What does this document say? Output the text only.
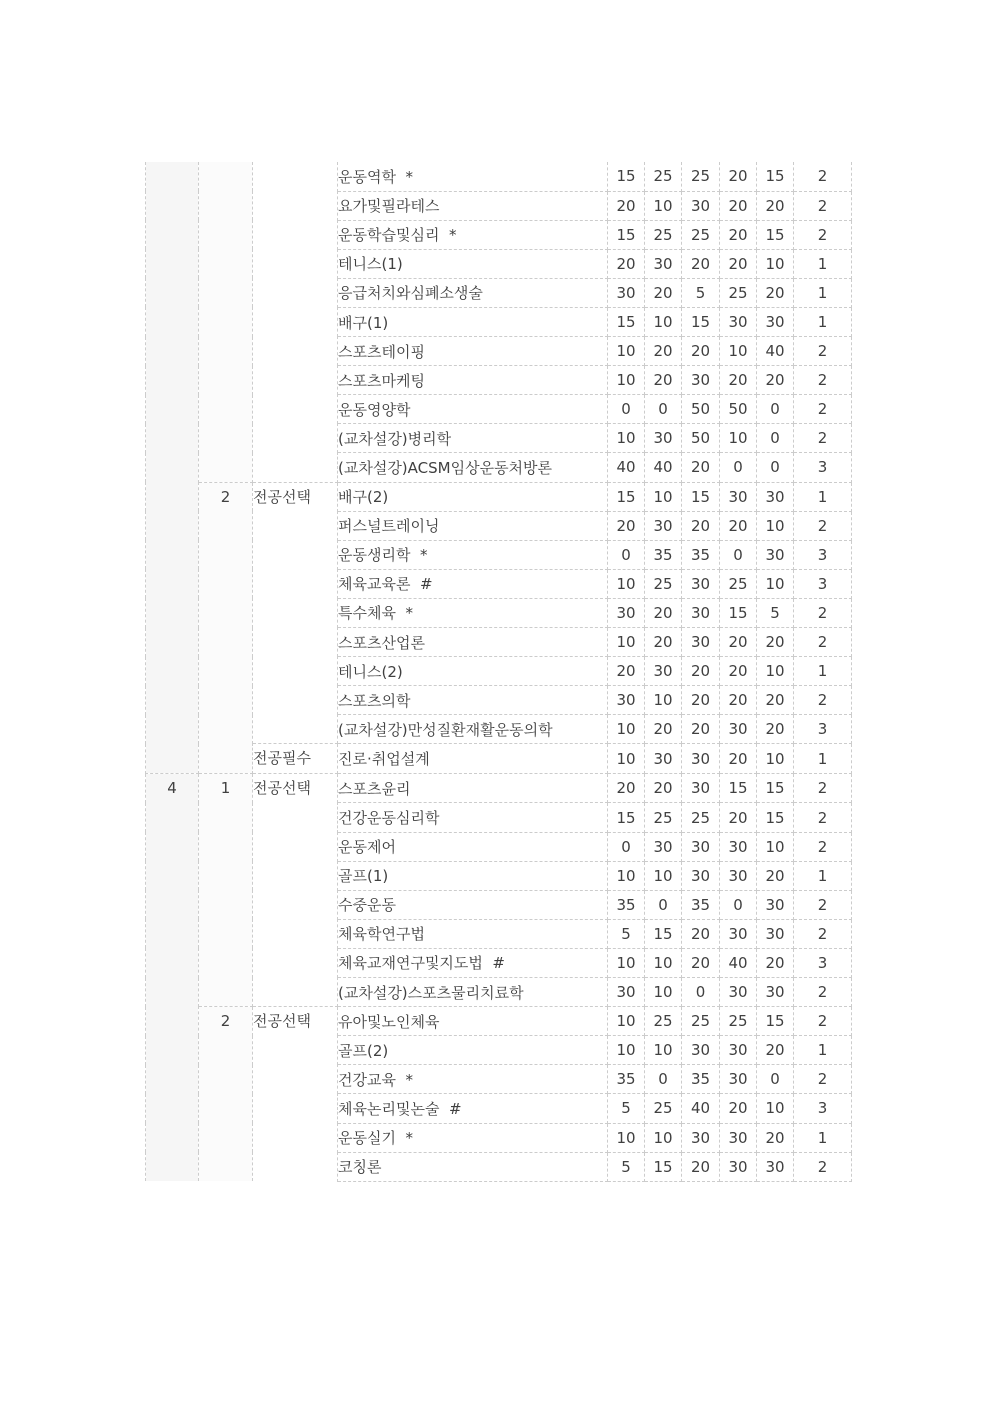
			운동역학  *	15	25	25	20	15	2
			요가및필라테스	20	10	30	20	20	2
			운동학습및심리  *	15	25	25	20	15	2
			테니스(1)	20	30	20	20	10	1
			응급처치와심폐소생술	30	20	5	25	20	1
			배구(1)	15	10	15	30	30	1
			스포츠테이핑	10	20	20	10	40	2
			스포츠마케팅	10	20	30	20	20	2
			운동영양학	0	0	50	50	0	2
			(교차설강)병리학	10	30	50	10	0	2
			(교차설강)ACSM임상운동처방론	40	40	20	0	0	3
	2	전공선택	배구(2)	15	10	15	30	30	1
			퍼스널트레이닝	20	30	20	20	10	2
			운동생리학  *	0	35	35	0	30	3
			체육교육론  #	10	25	30	25	10	3
			특수체육  *	30	20	30	15	5	2
			스포츠산업론	10	20	30	20	20	2
			테니스(2)	20	30	20	20	10	1
			스포츠의학	30	10	20	20	20	2
			(교차설강)만성질환재활운동의학	10	20	20	30	20	3
		전공필수	진로·취업설계	10	30	30	20	10	1
4	1	전공선택	스포츠윤리	20	20	30	15	15	2
			건강운동심리학	15	25	25	20	15	2
			운동제어	0	30	30	30	10	2
			골프(1)	10	10	30	30	20	1
			수중운동	35	0	35	0	30	2
			체육학연구법	5	15	20	30	30	2
			체육교재연구및지도법  #	10	10	20	40	20	3
			(교차설강)스포츠물리치료학	30	10	0	30	30	2
	2	전공선택	유아및노인체육	10	25	25	25	15	2
			골프(2)	10	10	30	30	20	1
			건강교육  *	35	0	35	30	0	2
			체육논리및논술  #	5	25	40	20	10	3
			운동실기  *	10	10	30	30	20	1
			코칭론	5	15	20	30	30	2
